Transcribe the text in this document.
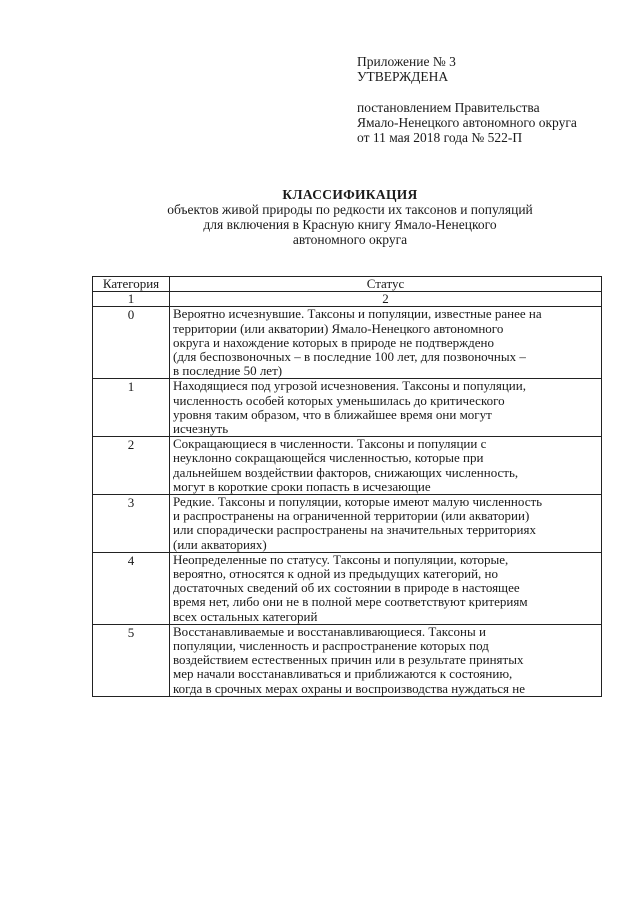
Приложение № 3
УТВЕРЖДЕНА
постановлением Правительства
Ямало-Ненецкого автономного округа
от 11 мая 2018 года № 522-П
КЛАССИФИКАЦИЯ
объектов живой природы по редкости их таксонов и популяций
для включения в Красную книгу Ямало-Ненецкого
автономного округа
Категория	Статус
1	2
0	Вероятно исчезнувшие. Таксоны и популяции, известные ранее на
территории (или акватории) Ямало-Ненецкого автономного
округа и нахождение которых в природе не подтверждено
(для беспозвоночных – в последние 100 лет, для позвоночных –
в последние 50 лет)

1	Находящиеся под угрозой исчезновения. Таксоны и популяции,
численность особей которых уменьшилась до критического
уровня таким образом, что в ближайшее время они могут
исчезнуть

2	Сокращающиеся в численности. Таксоны и популяции с
неуклонно сокращающейся численностью, которые при
дальнейшем воздействии факторов, снижающих численность,
могут в короткие сроки попасть в исчезающие

3	Редкие. Таксоны и популяции, которые имеют малую численность
и распространены на ограниченной территории (или акватории)
или спорадически распространены на значительных территориях
(или акваториях)

4	Неопределенные по статусу. Таксоны и популяции, которые,
вероятно, относятся к одной из предыдущих категорий, но
достаточных сведений об их состоянии в природе в настоящее
время нет, либо они не в полной мере соответствуют критериям
всех остальных категорий

5	Восстанавливаемые и восстанавливающиеся. Таксоны и
популяции, численность и распространение которых под
воздействием естественных причин или в результате принятых
мер начали восстанавливаться и приближаются к состоянию,
когда в срочных мерах охраны и воспроизводства нуждаться не
